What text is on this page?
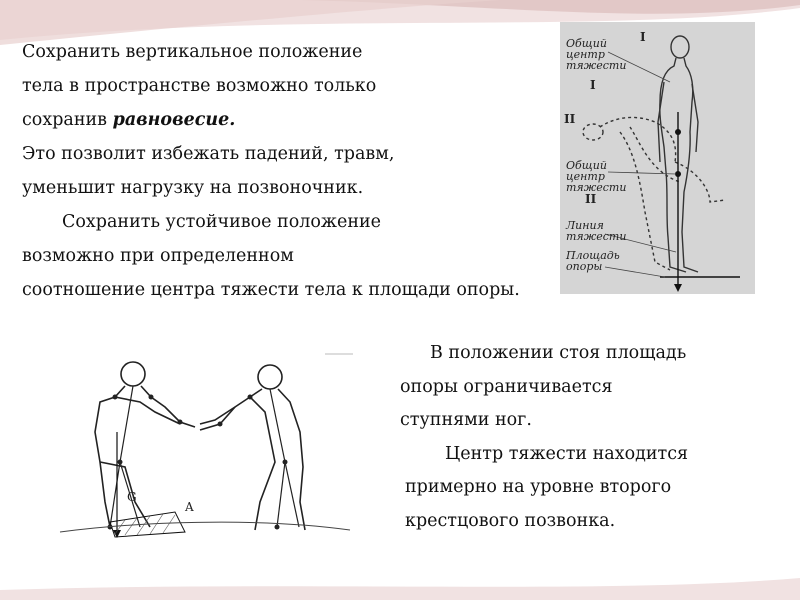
Сохранить вертикальное положение
тела в пространстве возможно только
сохранив равновесие.
Это позволит избежать падений, травм,
уменьшит нагрузку на позвоночник.
Сохранить устойчивое положение
возможно при определенном
соотношение центра тяжести тела к площади опоры.
В положении стоя площадь
опоры ограничивается
ступнями ног.
Центр тяжести находится
примерно на уровне второго
крестцового позвонка.
Общий центр тяжести
I
I
II
Общий центр тяжести
II
Линия тяжести
Площадь опоры
G
A
